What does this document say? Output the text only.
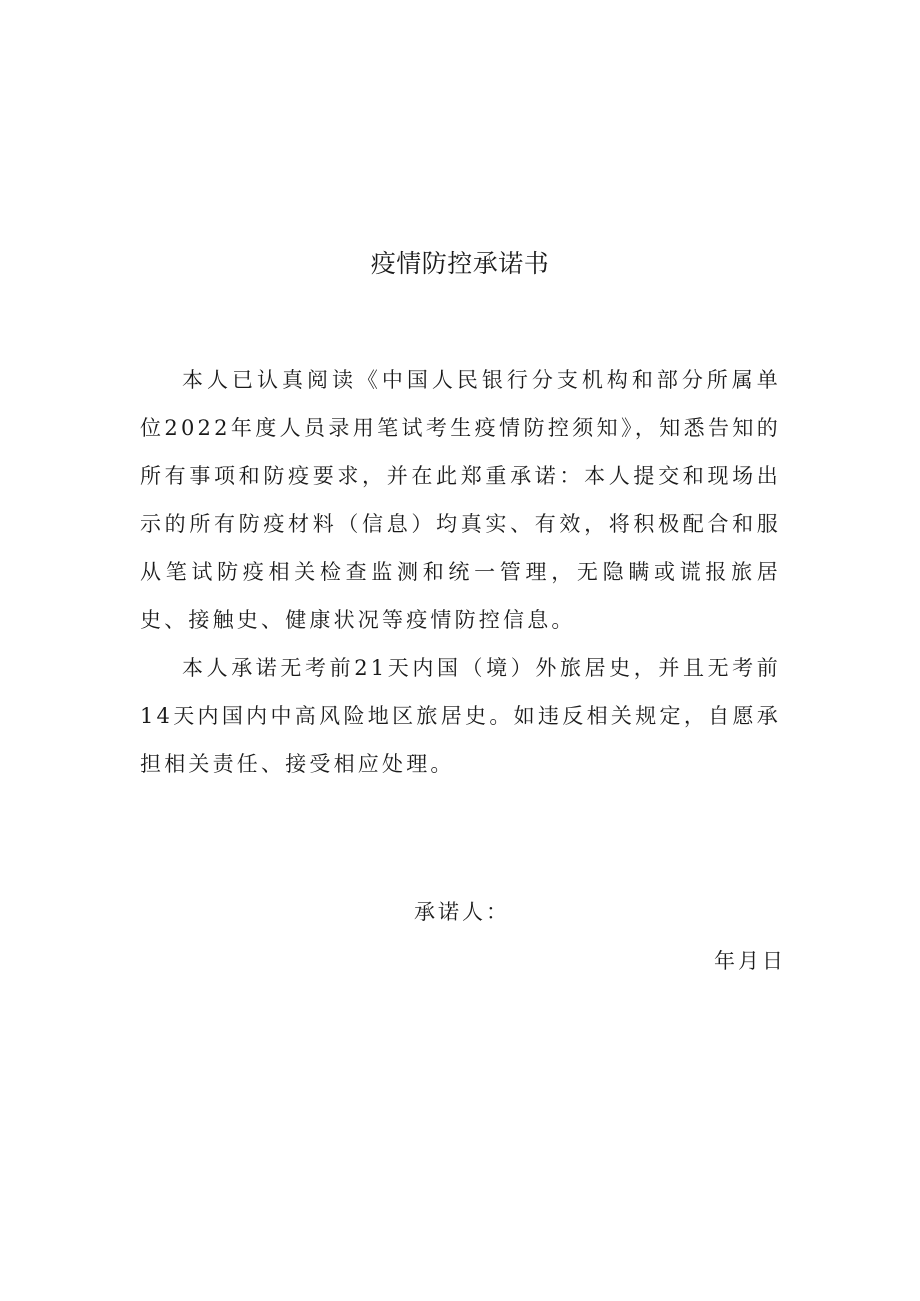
疫情防控承诺书

本人已认真阅读《中国人民银行分支机构和部分所属单位2022年度人员录用笔试考生疫情防控须知》，知悉告知的所有事项和防疫要求，并在此郑重承诺：本人提交和现场出示的所有防疫材料（信息）均真实、有效，将积极配合和服从笔试防疫相关检查监测和统一管理，无隐瞒或谎报旅居史、接触史、健康状况等疫情防控信息。

本人承诺无考前21天内国（境）外旅居史，并且无考前14天内国内中高风险地区旅居史。如违反相关规定，自愿承担相关责任、接受相应处理。

承诺人：
年月日
